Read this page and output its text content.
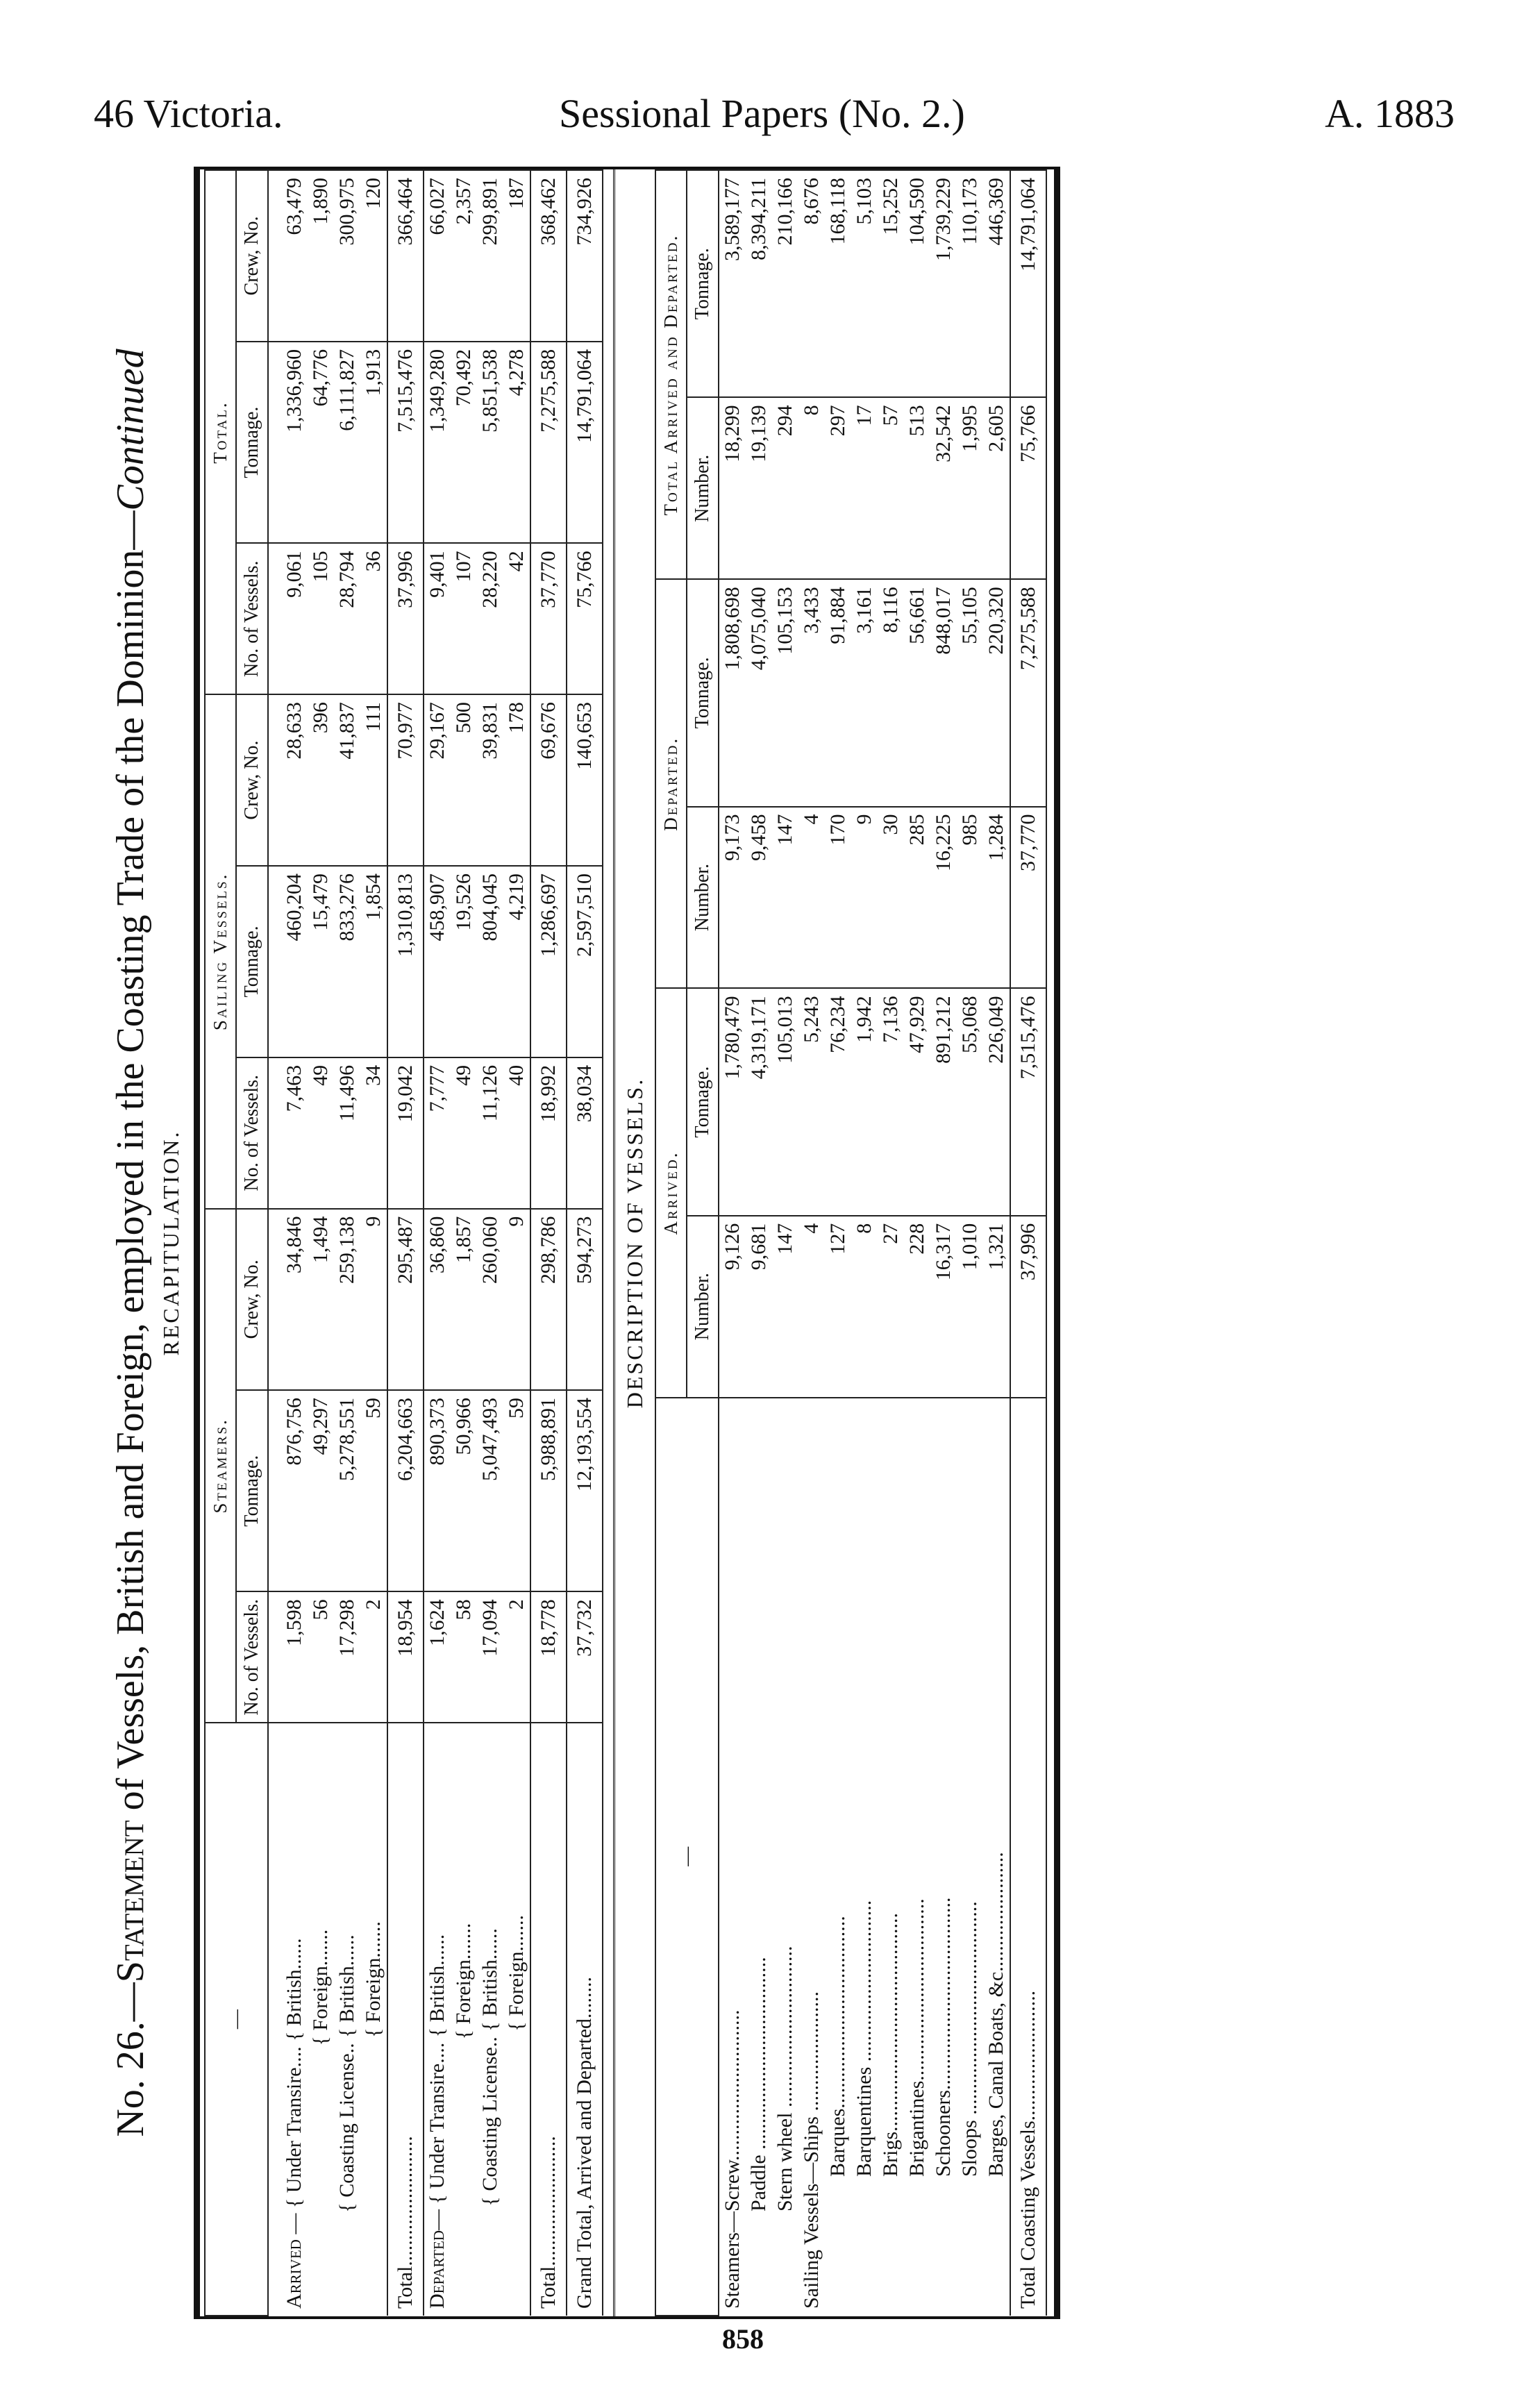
46 Victoria.	Sessional Papers (No. 2.)	A. 1883
No. 26.—Statement of Vessels, British and Foreign, employed in the Coasting Trade of the Dominion—Continued
RECAPITULATION.
—	Steamers.			Sailing Vessels.			Total.		
	No. of Vessels.	Tonnage.	Crew, No.	No. of Vessels.	Tonnage.	Crew, No.	No. of Vessels.	Tonnage.	Crew, No.

Arrived — { Under Transire.... { British......	1,598	876,756	34,846	7,463	460,204	28,633	9,061	1,336,960	63,479
{ Foreign.......	56	49,297	1,494	49	15,479	396	105	64,776	1,890
{ Coasting License.. { British......	17,298	5,278,551	259,138	11,496	833,276	41,837	28,794	6,111,827	300,975
{ Foreign.......	2	59	9	34	1,854	111	36	1,913	120
Total.........................	18,954	6,204,663	295,487	19,042	1,310,813	70,977	37,996	7,515,476	366,464
Departed— { Under Transire.... { British......	1,624	890,373	36,860	7,777	458,907	29,167	9,401	1,349,280	66,027
{ Foreign.......	58	50,966	1,857	49	19,526	500	107	70,492	2,357
{ Coasting License.. { British......	17,094	5,047,493	260,060	11,126	804,045	39,831	28,220	5,851,538	299,891
{ Foreign.......	2	59	9	40	4,219	178	42	4,278	187
Total.........................	18,778	5,988,891	298,786	18,992	1,286,697	69,676	37,770	7,275,588	368,462
Grand Total, Arrived and Departed........	37,732	12,193,554	594,273	38,034	2,597,510	140,653	75,766	14,791,064	734,926
DESCRIPTION OF VESSELS.
—	Arrived.		Departed.		Total Arrived and Departed.	
	Number.	Tonnage.	Number.	Tonnage.	Number.	Tonnage.
Steamers—Screw.............................	9,126	1,780,479	9,173	1,808,698	18,299	3,589,177
Paddle .....................................	9,681	4,319,171	9,458	4,075,040	19,139	8,394,211
Stern wheel ...............................	147	105,013	147	105,153	294	210,166
Sailing Vessels—Ships .......................	4	5,243	4	3,433	8	8,676
Barques.....................................	127	76,234	170	91,884	297	168,118
Barquentines ...............................	8	1,942	9	3,161	17	5,103
Brigs..........................................	27	7,136	30	8,116	57	15,252
Brigantines...................................	228	47,929	285	56,661	513	104,590
Schooners.....................................	16,317	891,212	16,225	848,017	32,542	1,739,229
Sloops .........................................	1,010	55,068	985	55,105	1,995	110,173
Barges, Canal Boats, &c.......................	1,321	226,049	1,284	220,320	2,605	446,369
Total Coasting Vessels.........................	37,996	7,515,476	37,770	7,275,588	75,766	14,791,064
858
